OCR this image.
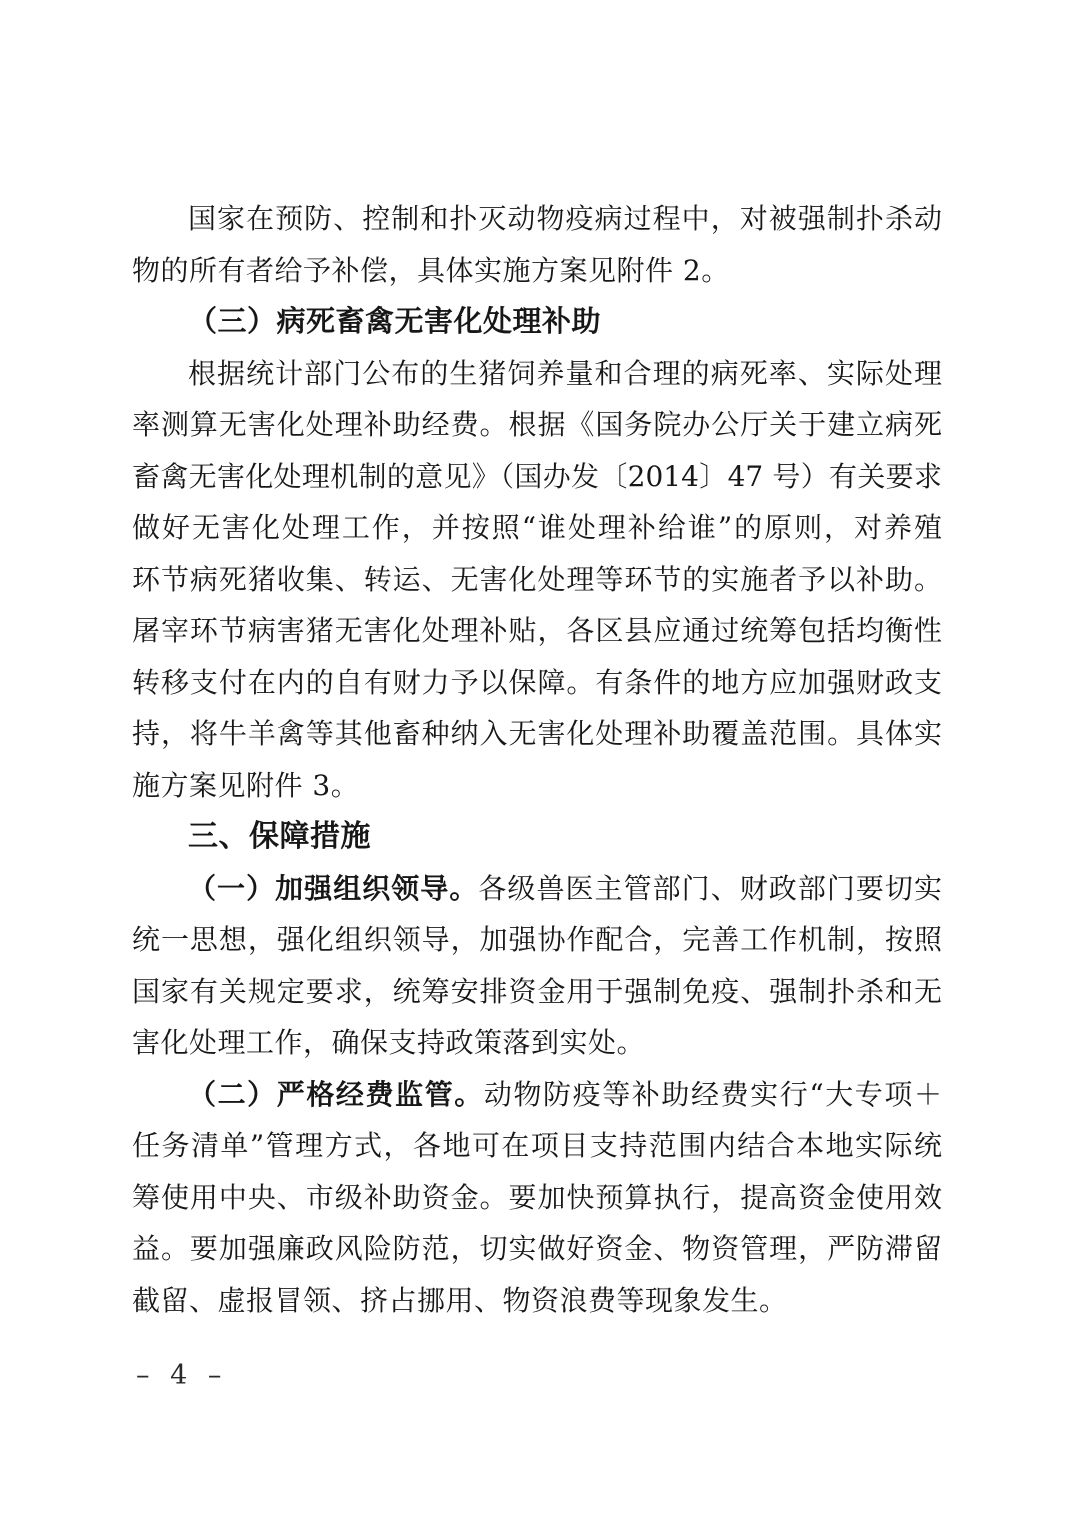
国家在预防、控制和扑灭动物疫病过程中，对被强制扑杀动
物的所有者给予补偿，具体实施方案见附件 2。
（三）病死畜禽无害化处理补助
根据统计部门公布的生猪饲养量和合理的病死率、实际处理
率测算无害化处理补助经费。根据《国务院办公厅关于建立病死
畜禽无害化处理机制的意见》（国办发〔2014〕47 号）有关要求
做好无害化处理工作，并按照“谁处理补给谁”的原则，对养殖
环节病死猪收集、转运、无害化处理等环节的实施者予以补助。
屠宰环节病害猪无害化处理补贴，各区县应通过统筹包括均衡性
转移支付在内的自有财力予以保障。有条件的地方应加强财政支
持，将牛羊禽等其他畜种纳入无害化处理补助覆盖范围。具体实
施方案见附件 3。
三、保障措施
（一）加强组织领导。各级兽医主管部门、财政部门要切实
统一思想，强化组织领导，加强协作配合，完善工作机制，按照
国家有关规定要求，统筹安排资金用于强制免疫、强制扑杀和无
害化处理工作，确保支持政策落到实处。
（二）严格经费监管。动物防疫等补助经费实行“大专项＋
任务清单”管理方式，各地可在项目支持范围内结合本地实际统
筹使用中央、市级补助资金。要加快预算执行，提高资金使用效
益。要加强廉政风险防范，切实做好资金、物资管理，严防滞留
截留、虚报冒领、挤占挪用、物资浪费等现象发生。
– 4 –
